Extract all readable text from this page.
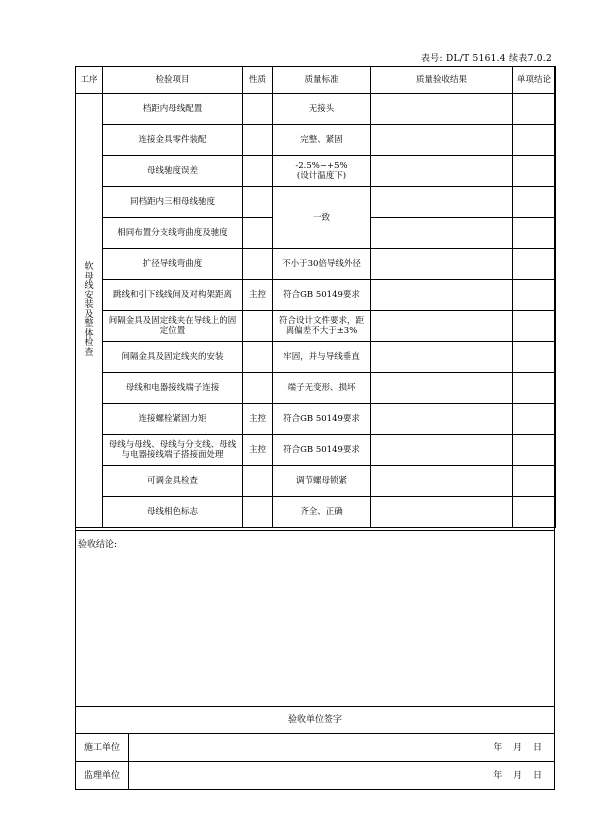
表号: DL/T 5161.4 续表7.0.2
工序	检验项目	性质	质量标准	质量验收结果	单项结论

软母线安装及整体检查	档距内母线配置		无接头		
	连接金具零件装配		完整、紧固		
	母线驰度误差		-2.5%~+5%
(设计温度下)		
	同档距内三相母线驰度		一致		
	相同布置分支线弯曲度及驰度				
	扩径导线弯曲度		不小于30倍导线外径		
	跳线和引下线线间及对构架距离	主控	符合GB 50149要求		
	间隔金具及固定线夹在导线上的固定位置		符合设计文件要求，距离偏差不大于±3%		
	间隔金具及固定线夹的安装		牢固，并与导线垂直		
	母线和电器接线端子连接		端子无变形、损坏		
	连接螺栓紧固力矩	主控	符合GB 50149要求		
	母线与母线、母线与分支线、母线与电器接线端子搭接面处理	主控	符合GB 50149要求		
	可调金具检查		调节螺母锁紧		
	母线相色标志		齐全、正确		
验收结论:
验收单位签字
施工单位	年 月 日
监理单位	年 月 日
